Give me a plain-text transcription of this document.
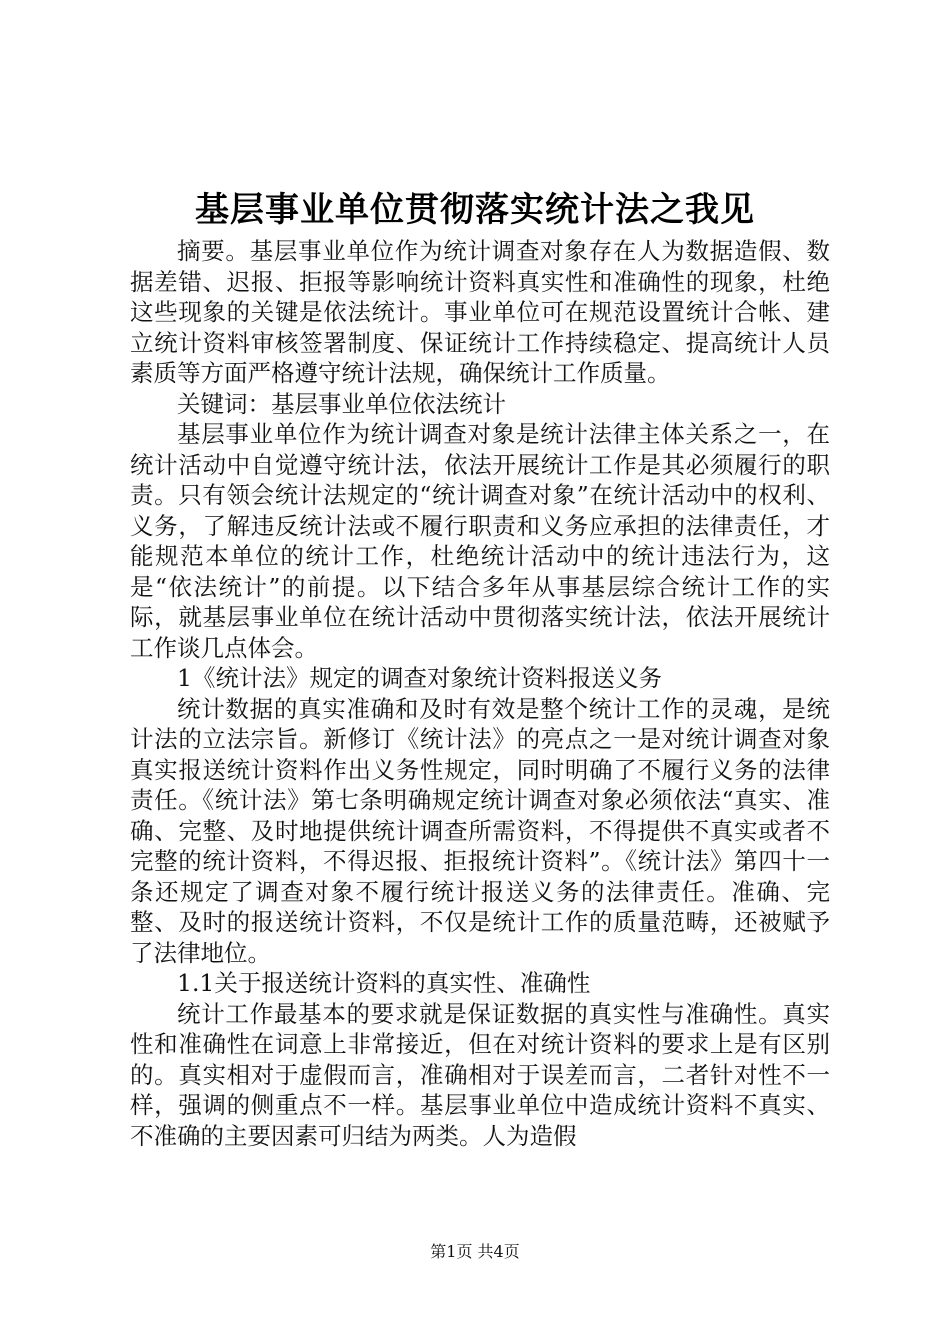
基层事业单位贯彻落实统计法之我见

摘要。基层事业单位作为统计调查对象存在人为数据造假、数据差错、迟报、拒报等影响统计资料真实性和准确性的现象，杜绝这些现象的关键是依法统计。事业单位可在规范设置统计合帐、建立统计资料审核签署制度、保证统计工作持续稳定、提高统计人员素质等方面严格遵守统计法规，确保统计工作质量。

关键词：基层事业单位依法统计

基层事业单位作为统计调查对象是统计法律主体关系之一，在统计活动中自觉遵守统计法，依法开展统计工作是其必须履行的职责。只有领会统计法规定的“统计调查对象”在统计活动中的权利、义务，了解违反统计法或不履行职责和义务应承担的法律责任，才能规范本单位的统计工作，杜绝统计活动中的统计违法行为，这是“依法统计”的前提。以下结合多年从事基层综合统计工作的实际，就基层事业单位在统计活动中贯彻落实统计法，依法开展统计工作谈几点体会。

1《统计法》规定的调查对象统计资料报送义务

统计数据的真实准确和及时有效是整个统计工作的灵魂，是统计法的立法宗旨。新修订《统计法》的亮点之一是对统计调查对象真实报送统计资料作出义务性规定，同时明确了不履行义务的法律责任。《统计法》第七条明确规定统计调查对象必须依法“真实、准确、完整、及时地提供统计调查所需资料，不得提供不真实或者不完整的统计资料，不得迟报、拒报统计资料”。《统计法》第四十一条还规定了调查对象不履行统计报送义务的法律责任。准确、完整、及时的报送统计资料，不仅是统计工作的质量范畴，还被赋予了法律地位。

1.1关于报送统计资料的真实性、准确性

统计工作最基本的要求就是保证数据的真实性与准确性。真实性和准确性在词意上非常接近，但在对统计资料的要求上是有区别的。真实相对于虚假而言，准确相对于误差而言，二者针对性不一样，强调的侧重点不一样。基层事业单位中造成统计资料不真实、不准确的主要因素可归结为两类。人为造假

第1页 共4页
